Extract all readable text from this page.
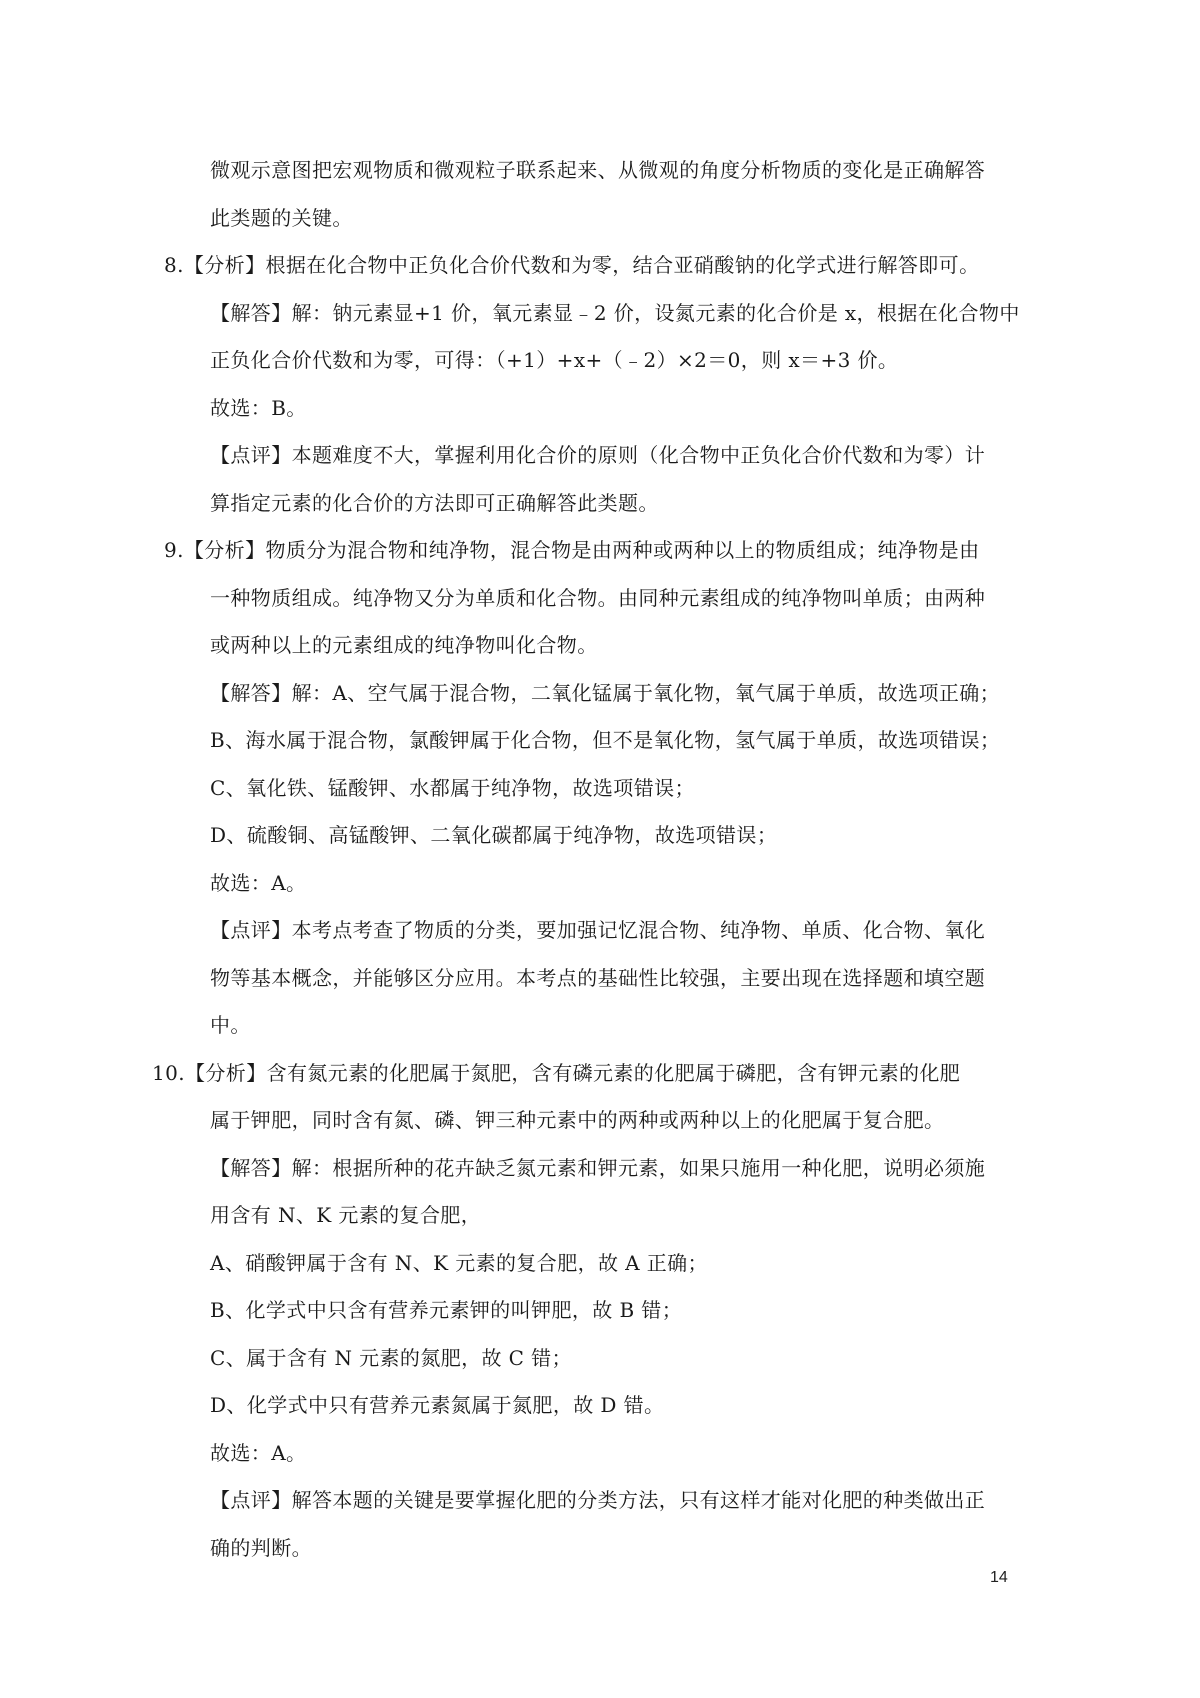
微观示意图把宏观物质和微观粒子联系起来、从微观的角度分析物质的变化是正确解答
此类题的关键。
8.【分析】根据在化合物中正负化合价代数和为零，结合亚硝酸钠的化学式进行解答即可。
【解答】解：钠元素显+1 价，氧元素显﹣2 价，设氮元素的化合价是 x，根据在化合物中
正负化合价代数和为零，可得：（+1）+x+（﹣2）×2＝0，则 x＝+3 价。
故选：B。
【点评】本题难度不大，掌握利用化合价的原则（化合物中正负化合价代数和为零）计
算指定元素的化合价的方法即可正确解答此类题。
9.【分析】物质分为混合物和纯净物，混合物是由两种或两种以上的物质组成；纯净物是由
一种物质组成。纯净物又分为单质和化合物。由同种元素组成的纯净物叫单质；由两种
或两种以上的元素组成的纯净物叫化合物。
【解答】解：A、空气属于混合物，二氧化锰属于氧化物，氧气属于单质，故选项正确；
B、海水属于混合物，氯酸钾属于化合物，但不是氧化物，氢气属于单质，故选项错误；
C、氧化铁、锰酸钾、水都属于纯净物，故选项错误；
D、硫酸铜、高锰酸钾、二氧化碳都属于纯净物，故选项错误；
故选：A。
【点评】本考点考查了物质的分类，要加强记忆混合物、纯净物、单质、化合物、氧化
物等基本概念，并能够区分应用。本考点的基础性比较强，主要出现在选择题和填空题
中。
10.【分析】含有氮元素的化肥属于氮肥，含有磷元素的化肥属于磷肥，含有钾元素的化肥
属于钾肥，同时含有氮、磷、钾三种元素中的两种或两种以上的化肥属于复合肥。
【解答】解：根据所种的花卉缺乏氮元素和钾元素，如果只施用一种化肥，说明必须施
用含有 N、K 元素的复合肥，
A、硝酸钾属于含有 N、K 元素的复合肥，故 A 正确；
B、化学式中只含有营养元素钾的叫钾肥，故 B 错；
C、属于含有 N 元素的氮肥，故 C 错；
D、化学式中只有营养元素氮属于氮肥，故 D 错。
故选：A。
【点评】解答本题的关键是要掌握化肥的分类方法，只有这样才能对化肥的种类做出正
确的判断。
14
